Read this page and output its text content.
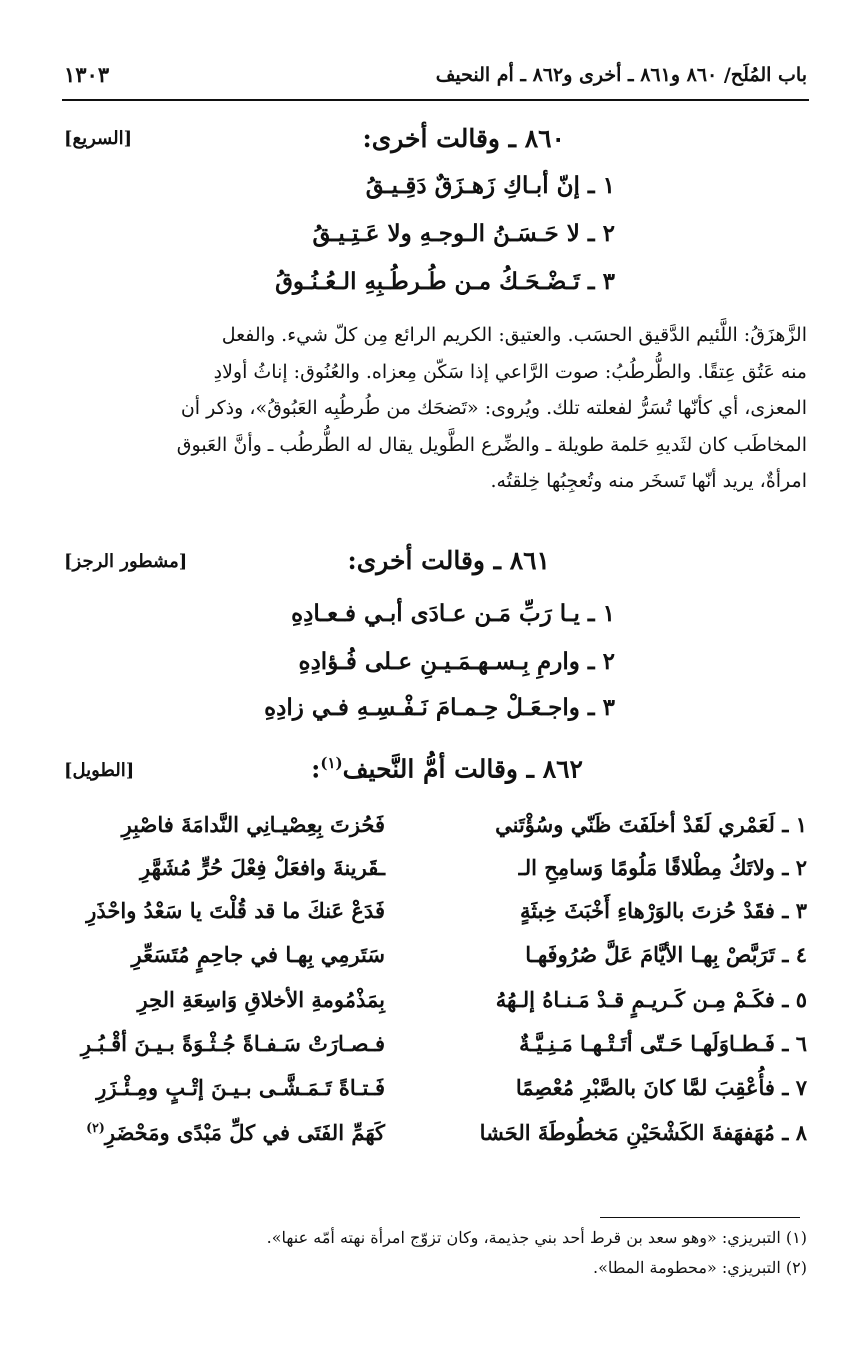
باب المُلَح/ ٨٦٠ و٨٦١ ـ أخرى و٨٦٢ ـ أم النحيف
١٣٠٣
٨٦٠ ـ وقالت أخرى:
[السريع]
١ ـ إنّ أبـاكِ زَهـزَقٌ دَقِـيـقُ
٢ ـ لا حَـسَـنُ الـوجـهِ ولا عَـتِـيـقُ
٣ ـ تَـضْـحَـكُ مـن طُـرطُـبِهِ الـعُـنُـوقُ
الزَّهزَقُ: اللَّئيم الدَّقيق الحسَب. والعتيق: الكريم الرائع مِن كلّ شيء. والفعل
منه عَتُق عِتقًا. والطُّرطُبُ: صوت الرَّاعي إذا سَكّن مِعزاه. والعُنُوق: إناثُ أولادِ
المعزى، أي كأنّها تُسَرُّ لفعلته تلك. ويُروى: «تَضحَك من طُرطُبِه العَبُوقُ»، وذكر أن
المخاطَب كان لثَديهِ حَلمة طويلة ـ والضِّرع الطَّويل يقال له الطُّرطُب ـ وأنَّ العَبوق
امرأةٌ، يريد أنّها تَسخَر منه وتُعجِبُها خِلقتُه.
٨٦١ ـ وقالت أخرى:
[مشطور الرجز]
١ ـ يـا رَبِّ مَـن عـادَى أبـي فـعـادِهِ
٢ ـ وارمِ بِـسـهـمَـيـنِ عـلى فُـؤادِهِ
٣ ـ واجـعَـلْ حِـمـامَ نَـفْـسِـهِ فـي زادِهِ
٨٦٢ ـ وقالت أمُّ النَّحيف$^{(١)}$:
[الطويل]
١ ـ لَعَمْري لَقَدْ أخلَفَتَ ظَنّي وسُؤْتَني
فَحُزتَ بِعِصْيـانِي النَّدامَةَ فاصْبِرِ
٢ ـ ولاتَكُ مِطْلاقًا مَلُومًا وَسامِحِ الـ
ـقَرينةَ وافعَلْ فِعْلَ حُرٍّ مُشَهَّرِ
٣ ـ فقَدْ حُزتَ بالوَرْهاءِ أَخْبَثَ خِبثَةٍ
فَدَعْ عَنكَ ما قد قُلْتَ يا سَعْدُ واحْذَرِ
٤ ـ تَرَبَّصْ بِهـا الأيَّامَ عَلَّ صُرُوفَهـا
سَتَرمِي بِهـا في جاحِمٍ مُتَسَعِّرِ
٥ ـ فكَـمْ مِـن كَـريـمٍ قـدْ مَـنـاهُ إلـهُهُ
بِمَذْمُومةِ الأخلاقِ وَاسِعَةِ الحِرِ
٦ ـ فَـطـاوَلَهـا حَـتّى أتَـتْـهـا مَـنِـيَّـةٌ
فـصـارَتْ سَـفـاةً جُـثْـوَةً بـيـنَ أقْـبُـرِ
٧ ـ فأُعْقِبَ لمَّا كانَ بالصَّبْرِ مُعْصِمًا
فَـتـاةً تَـمَـشَّـى بـيـنَ إتْـبٍ ومِـئْـزَرِ
٨ ـ مُهَفهَفةَ الكَشْحَيْنِ مَخطُوطَةَ الحَشا
كَهَمِّ الفَتَى في كلِّ مَبْدًى ومَحْضَرِ$^{(٢)}$
(١) التبريزي: «وهو سعد بن قرط أحد بني جذيمة، وكان تزوّج امرأة نهته أمّه عنها».
(٢) التبريزي: «محطومة المطا».
